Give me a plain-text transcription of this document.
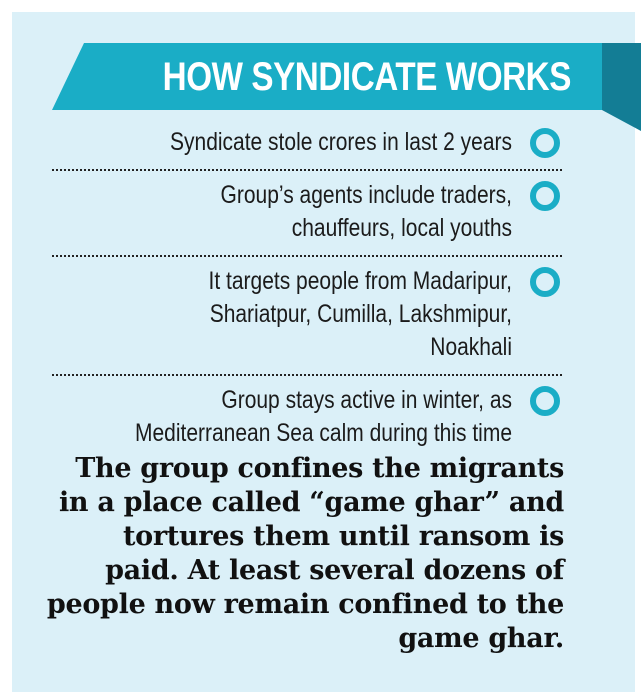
HOW SYNDICATE WORKS
Syndicate stole crores in last 2 years
Group’s agents include traders, chauffeurs, local youths
It targets people from Madaripur, Shariatpur, Cumilla, Lakshmipur, Noakhali
Group stays active in winter, as Mediterranean Sea calm during this time
The group confines the migrants in a place called “game ghar” and tortures them until ransom is paid. At least several dozens of people now remain confined to the game ghar.
